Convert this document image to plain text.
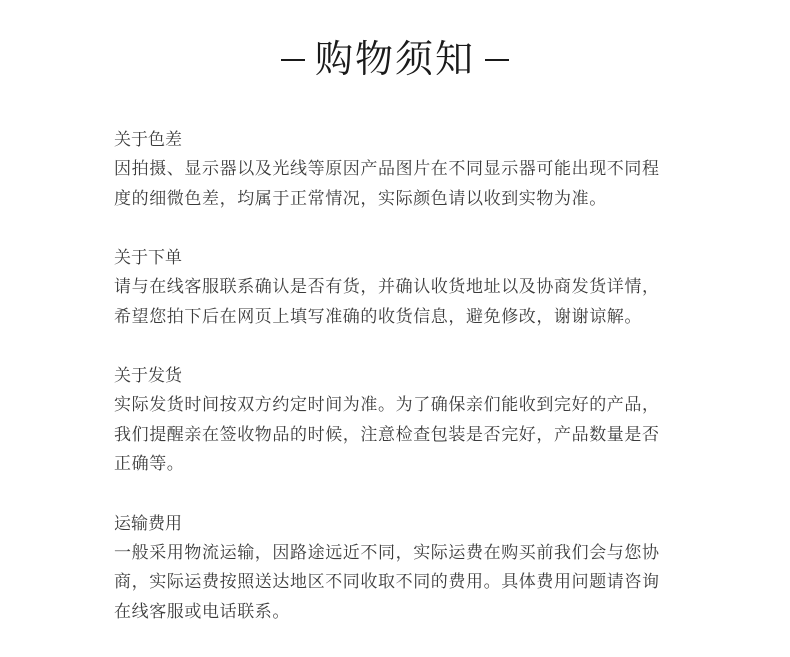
购物须知
关于色差
因拍摄、显示器以及光线等原因产品图片在不同显示器可能出现不同程
度的细微色差，均属于正常情况，实际颜色请以收到实物为准。
关于下单
请与在线客服联系确认是否有货，并确认收货地址以及协商发货详情，
希望您拍下后在网页上填写准确的收货信息，避免修改，谢谢谅解。
关于发货
实际发货时间按双方约定时间为准。为了确保亲们能收到完好的产品，
我们提醒亲在签收物品的时候，注意检查包装是否完好，产品数量是否
正确等。
运输费用
一般采用物流运输，因路途远近不同，实际运费在购买前我们会与您协
商，实际运费按照送达地区不同收取不同的费用。具体费用问题请咨询
在线客服或电话联系。
